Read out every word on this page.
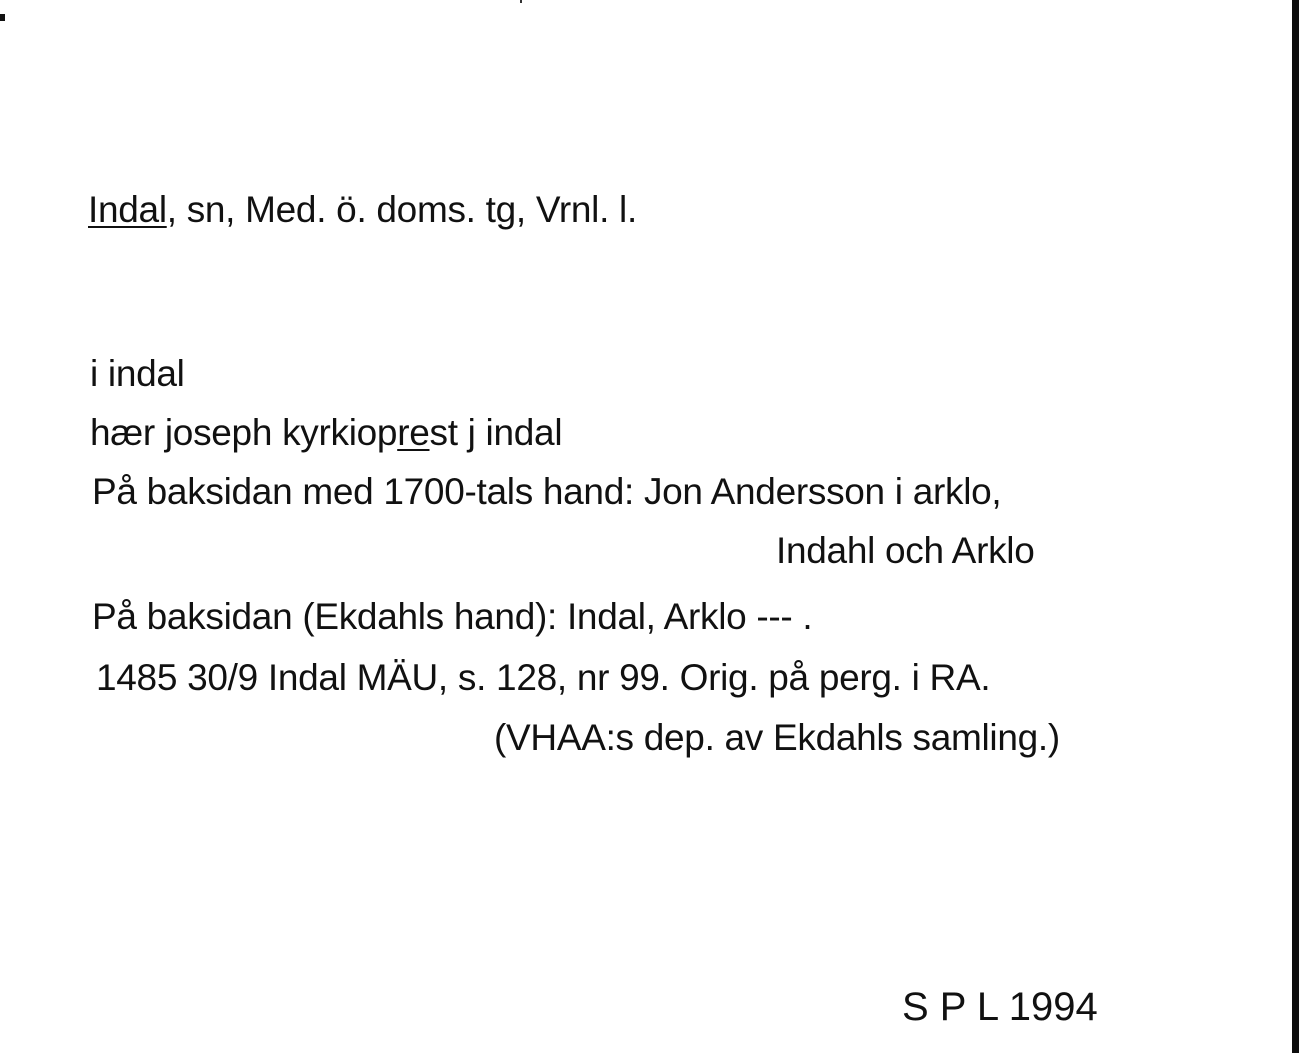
Indal, sn, Med. ö. doms. tg, Vrnl. l.
i indal
hær joseph kyrkioprest j indal
På baksidan med 1700-tals hand: Jon Andersson i arklo,
Indahl och Arklo
På baksidan (Ekdahls hand): Indal, Arklo --- .
1485 30/9 Indal MÄU, s. 128, nr 99. Orig. på perg. i RA.
(VHAA:s dep. av Ekdahls samling.)
S P L 1994
